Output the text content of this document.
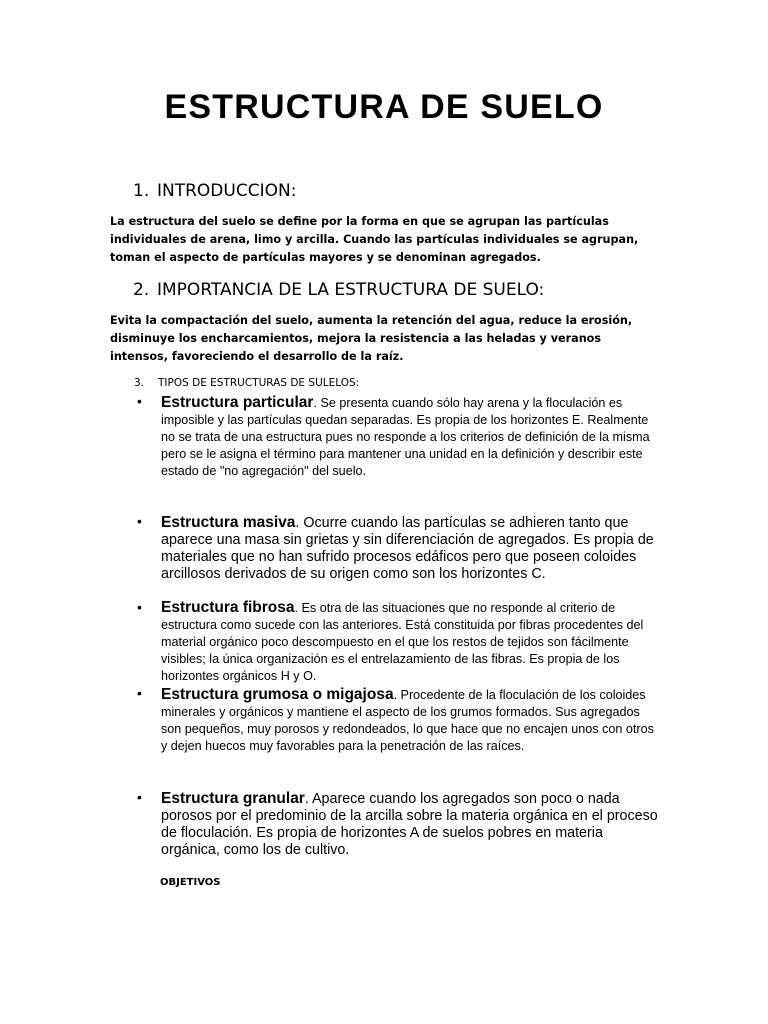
ESTRUCTURA DE SUELO
1. INTRODUCCION:
La estructura del suelo se define por la forma en que se agrupan las partículas individuales de arena, limo y arcilla. Cuando las partículas individuales se agrupan, toman el aspecto de partículas mayores y se denominan agregados.
2. IMPORTANCIA DE LA ESTRUCTURA DE SUELO:
Evita la compactación del suelo, aumenta la retención del agua, reduce la erosión, disminuye los encharcamientos, mejora la resistencia a las heladas y veranos intensos, favoreciendo el desarrollo de la raíz.
3. TIPOS DE ESTRUCTURAS DE SULELOS:
• Estructura particular. Se presenta cuando sólo hay arena y la floculación es imposible y las partículas quedan separadas. Es propia de los horizontes E. Realmente no se trata de una estructura pues no responde a los criterios de definición de la misma pero se le asigna el término para mantener una unidad en la definición y describir este estado de "no agregación" del suelo.
• Estructura masiva. Ocurre cuando las partículas se adhieren tanto que aparece una masa sin grietas y sin diferenciación de agregados. Es propia de materiales que no han sufrido procesos edáficos pero que poseen coloides arcillosos derivados de su origen como son los horizontes C.
• Estructura fibrosa. Es otra de las situaciones que no responde al criterio de estructura como sucede con las anteriores. Está constituida por fibras procedentes del material orgánico poco descompuesto en el que los restos de tejidos son fácilmente visibles; la única organización es el entrelazamiento de las fibras. Es propia de los horizontes orgánicos H y O.
• Estructura grumosa o migajosa. Procedente de la floculación de los coloides minerales y orgánicos y mantiene el aspecto de los grumos formados. Sus agregados son pequeños, muy porosos y redondeados, lo que hace que no encajen unos con otros y dejen huecos muy favorables para la penetración de las raíces.
• Estructura granular. Aparece cuando los agregados son poco o nada porosos por el predominio de la arcilla sobre la materia orgánica en el proceso de floculación. Es propia de horizontes A de suelos pobres en materia orgánica, como los de cultivo.
OBJETIVOS
